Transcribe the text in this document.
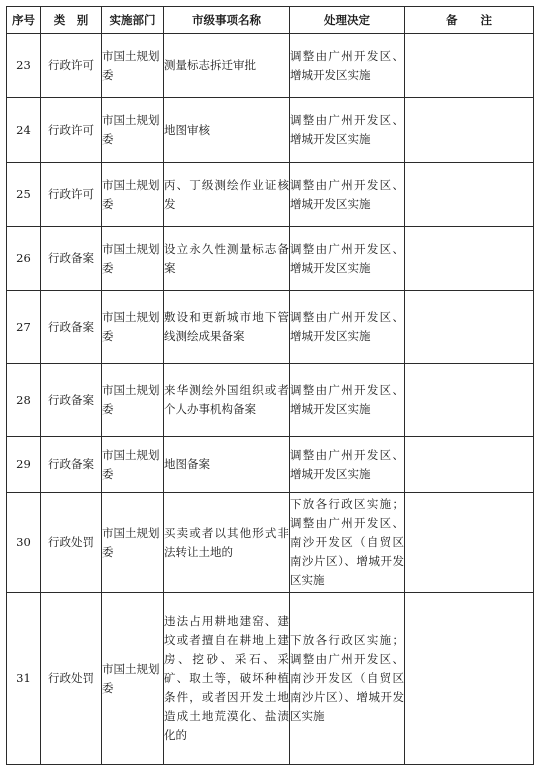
序号	类　别	实施部门	市级事项名称	处理决定	备　　注
23	行政许可	市国土规划委	测量标志拆迁审批	调整由广州开发区、增城开发区实施	
24	行政许可	市国土规划委	地图审核	调整由广州开发区、增城开发区实施	
25	行政许可	市国土规划委	丙、丁级测绘作业证核发	调整由广州开发区、增城开发区实施	
26	行政备案	市国土规划委	设立永久性测量标志备案	调整由广州开发区、增城开发区实施	
27	行政备案	市国土规划委	敷设和更新城市地下管线测绘成果备案	调整由广州开发区、增城开发区实施	
28	行政备案	市国土规划委	来华测绘外国组织或者个人办事机构备案	调整由广州开发区、增城开发区实施	
29	行政备案	市国土规划委	地图备案	调整由广州开发区、增城开发区实施	
30	行政处罚	市国土规划委	买卖或者以其他形式非法转让土地的	下放各行政区实施；调整由广州开发区、南沙开发区（自贸区南沙片区）、增城开发区实施	
31	行政处罚	市国土规划委	违法占用耕地建窑、建坟或者擅自在耕地上建房、挖砂、采石、采矿、取土等，破坏种植条件，或者因开发土地造成土地荒漠化、盐渍化的	下放各行政区实施；调整由广州开发区、南沙开发区（自贸区南沙片区）、增城开发区实施	
